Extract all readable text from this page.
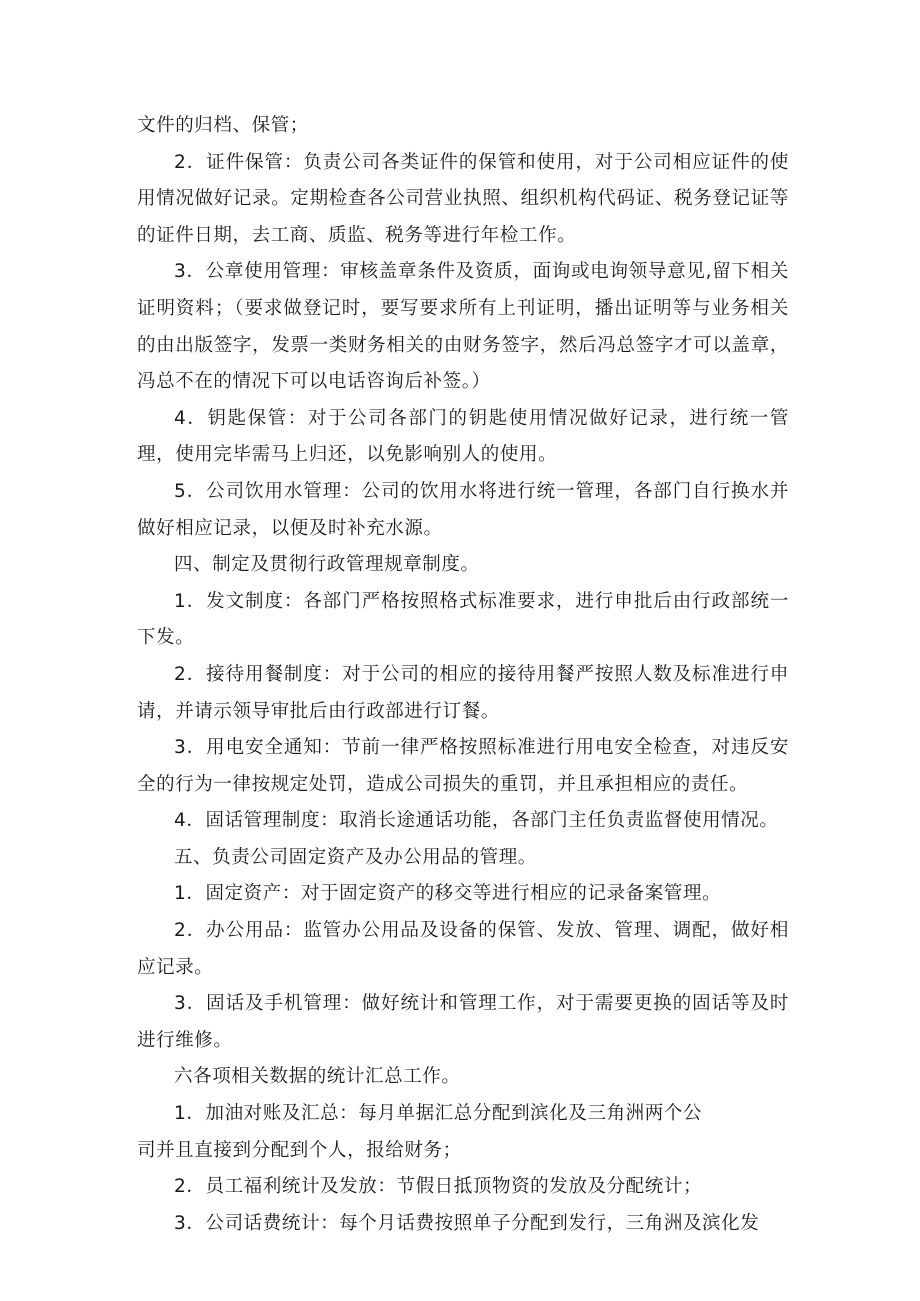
文件的归档、保管；

2．证件保管：负责公司各类证件的保管和使用，对于公司相应证件的使用情况做好记录。定期检查各公司营业执照、组织机构代码证、税务登记证等的证件日期，去工商、质监、税务等进行年检工作。

3．公章使用管理：审核盖章条件及资质，面询或电询领导意见,留下相关证明资料；（要求做登记时，要写要求所有上刊证明，播出证明等与业务相关的由出版签字，发票一类财务相关的由财务签字，然后冯总签字才可以盖章，冯总不在的情况下可以电话咨询后补签。）

4．钥匙保管：对于公司各部门的钥匙使用情况做好记录，进行统一管理，使用完毕需马上归还，以免影响别人的使用。

5．公司饮用水管理：公司的饮用水将进行统一管理，各部门自行换水并做好相应记录，以便及时补充水源。

四、制定及贯彻行政管理规章制度。

1．发文制度：各部门严格按照格式标准要求，进行申批后由行政部统一下发。

2．接待用餐制度：对于公司的相应的接待用餐严按照人数及标准进行申请，并请示领导审批后由行政部进行订餐。

3．用电安全通知：节前一律严格按照标准进行用电安全检查，对违反安全的行为一律按规定处罚，造成公司损失的重罚，并且承担相应的责任。

4．固话管理制度：取消长途通话功能，各部门主任负责监督使用情况。

五、负责公司固定资产及办公用品的管理。

1．固定资产：对于固定资产的移交等进行相应的记录备案管理。

2．办公用品：监管办公用品及设备的保管、发放、管理、调配，做好相应记录。

3．固话及手机管理：做好统计和管理工作，对于需要更换的固话等及时进行维修。

六各项相关数据的统计汇总工作。

1．加油对账及汇总：每月单据汇总分配到滨化及三角洲两个公

司并且直接到分配到个人，报给财务；

2．员工福利统计及发放：节假日抵顶物资的发放及分配统计；

3．公司话费统计：每个月话费按照单子分配到发行，三角洲及滨化发
